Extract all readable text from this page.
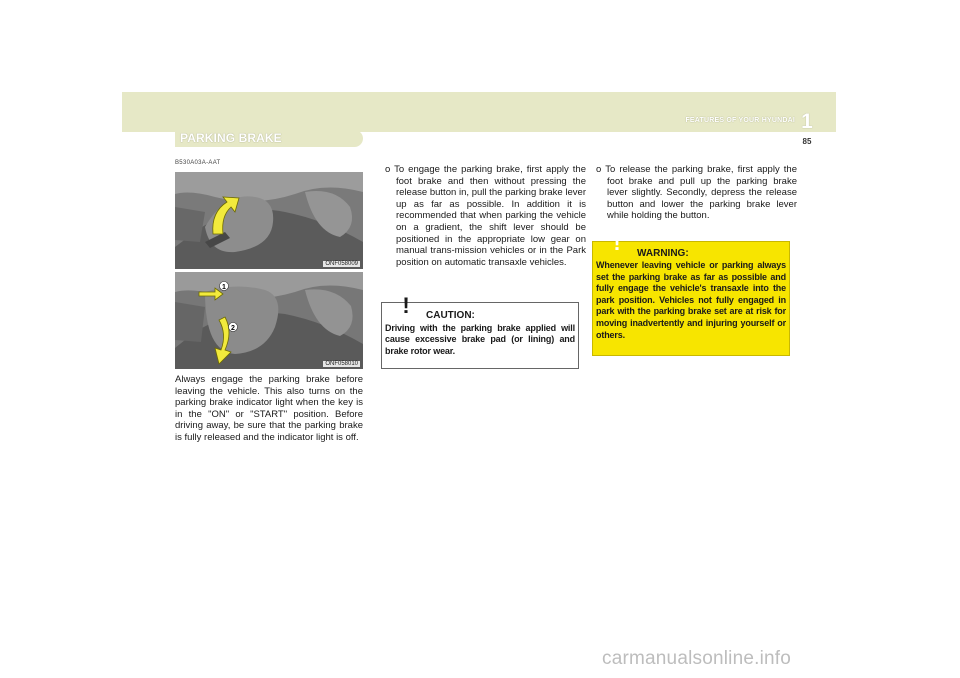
FEATURES OF YOUR HYUNDAI 1
85
PARKING BRAKE
B530A03A-AAT
ONF058009
1
2
ONF058010
Always engage the parking brake before leaving the vehicle. This also turns on the parking brake indicator light when the key is in the "ON" or "START" position. Before driving away, be sure that the parking brake is fully released and the indicator light is off.
o To engage the parking brake, first apply the foot brake and then without pressing the release button in, pull the parking brake lever up as far as possible. In addition it is recommended that when parking the vehicle on a gradient, the shift lever should be positioned in the appropriate low gear on manual trans-mission vehicles or in the Park position on automatic transaxle vehicles.
! CAUTION:
Driving with the parking brake applied will cause excessive brake pad (or lining) and brake rotor wear.
o To release the parking brake, first apply the foot brake and pull up the parking brake lever slightly. Secondly, depress the release button and lower the parking brake lever while holding the button.
! WARNING:
Whenever leaving vehicle or parking always set the parking brake as far as possible and fully engage the vehicle's transaxle into the park position. Vehicles not fully engaged in park with the parking brake set are at risk for moving inadvertently and injuring yourself or others.
carmanualsonline.info
